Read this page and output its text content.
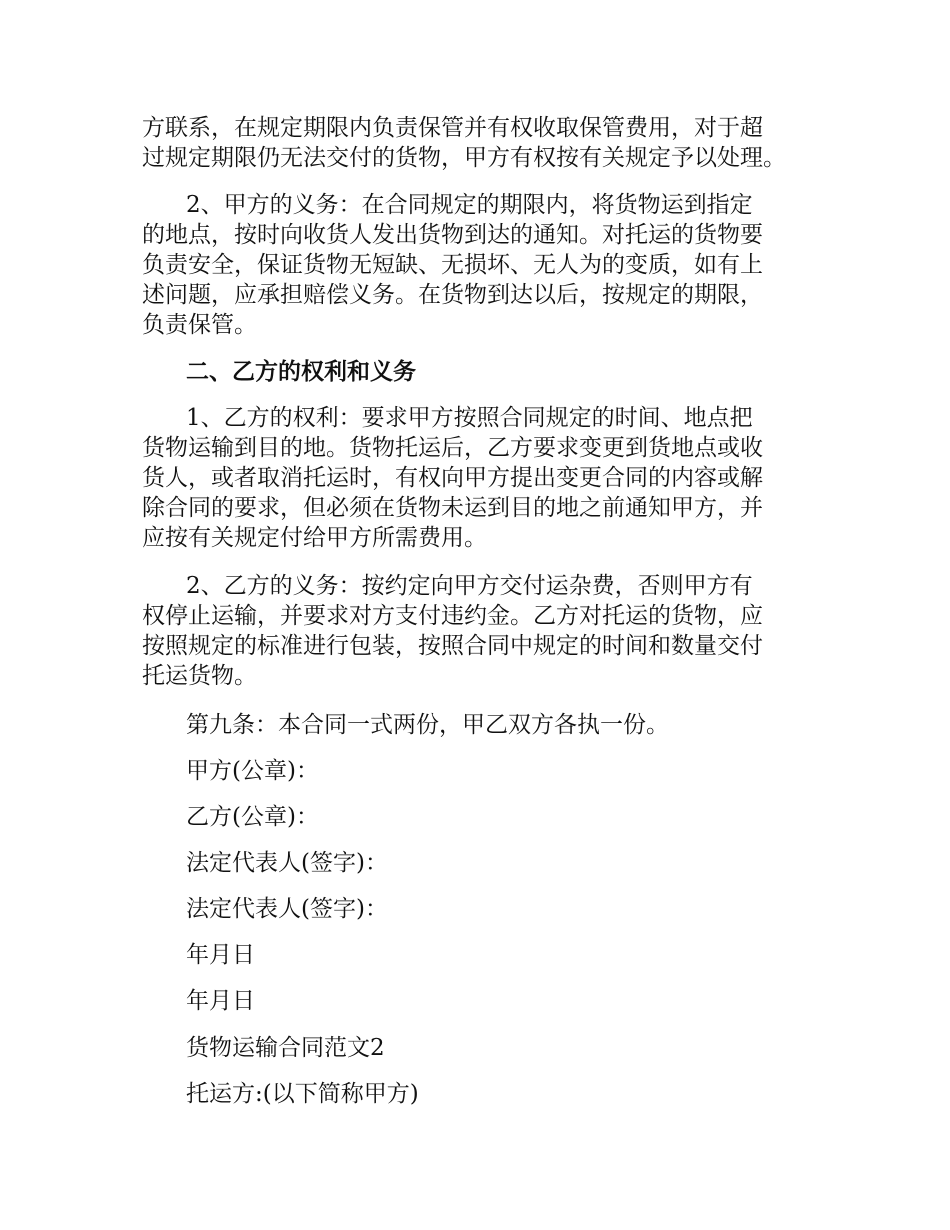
方联系，在规定期限内负责保管并有权收取保管费用，对于超
过规定期限仍无法交付的货物，甲方有权按有关规定予以处理。
2、甲方的义务：在合同规定的期限内，将货物运到指定
的地点，按时向收货人发出货物到达的通知。对托运的货物要
负责安全，保证货物无短缺、无损坏、无人为的变质，如有上
述问题，应承担赔偿义务。在货物到达以后，按规定的期限，
负责保管。
二、乙方的权利和义务
1、乙方的权利：要求甲方按照合同规定的时间、地点把
货物运输到目的地。货物托运后，乙方要求变更到货地点或收
货人，或者取消托运时，有权向甲方提出变更合同的内容或解
除合同的要求，但必须在货物未运到目的地之前通知甲方，并
应按有关规定付给甲方所需费用。
2、乙方的义务：按约定向甲方交付运杂费，否则甲方有
权停止运输，并要求对方支付违约金。乙方对托运的货物，应
按照规定的标准进行包装，按照合同中规定的时间和数量交付
托运货物。
第九条：本合同一式两份，甲乙双方各执一份。
甲方(公章)：
乙方(公章)：
法定代表人(签字)：
法定代表人(签字)：
年月日
年月日
货物运输合同范文2
托运方:(以下简称甲方)
